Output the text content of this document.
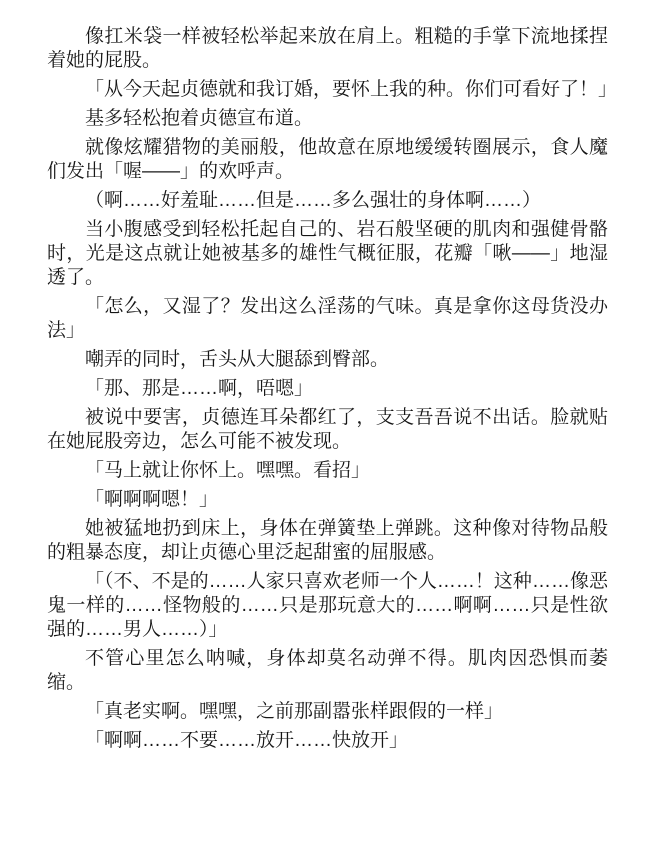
像扛米袋一样被轻松举起来放在肩上。粗糙的手掌下流地揉捏着她的屁股。

「从今天起贞德就和我订婚，要怀上我的种。你们可看好了！」

基多轻松抱着贞德宣布道。

就像炫耀猎物的美丽般，他故意在原地缓缓转圈展示，食人魔们发出「喔——」的欢呼声。

（啊……好羞耻……但是……多么强壮的身体啊……）

当小腹感受到轻松托起自己的、岩石般坚硬的肌肉和强健骨骼时，光是这点就让她被基多的雄性气概征服，花瓣「啾——」地湿透了。

「怎么，又湿了？发出这么淫荡的气味。真是拿你这母货没办法」

嘲弄的同时，舌头从大腿舔到臀部。

「那、那是……啊，唔嗯」

被说中要害，贞德连耳朵都红了，支支吾吾说不出话。脸就贴在她屁股旁边，怎么可能不被发现。

「马上就让你怀上。嘿嘿。看招」

「啊啊啊嗯！」

她被猛地扔到床上，身体在弹簧垫上弹跳。这种像对待物品般的粗暴态度，却让贞德心里泛起甜蜜的屈服感。

「（不、不是的……人家只喜欢老师一个人……！这种……像恶鬼一样的……怪物般的……只是那玩意大的……啊啊……只是性欲强的……男人……）」

不管心里怎么呐喊，身体却莫名动弹不得。肌肉因恐惧而萎缩。

「真老实啊。嘿嘿，之前那副嚣张样跟假的一样」

「啊啊……不要……放开……快放开」
